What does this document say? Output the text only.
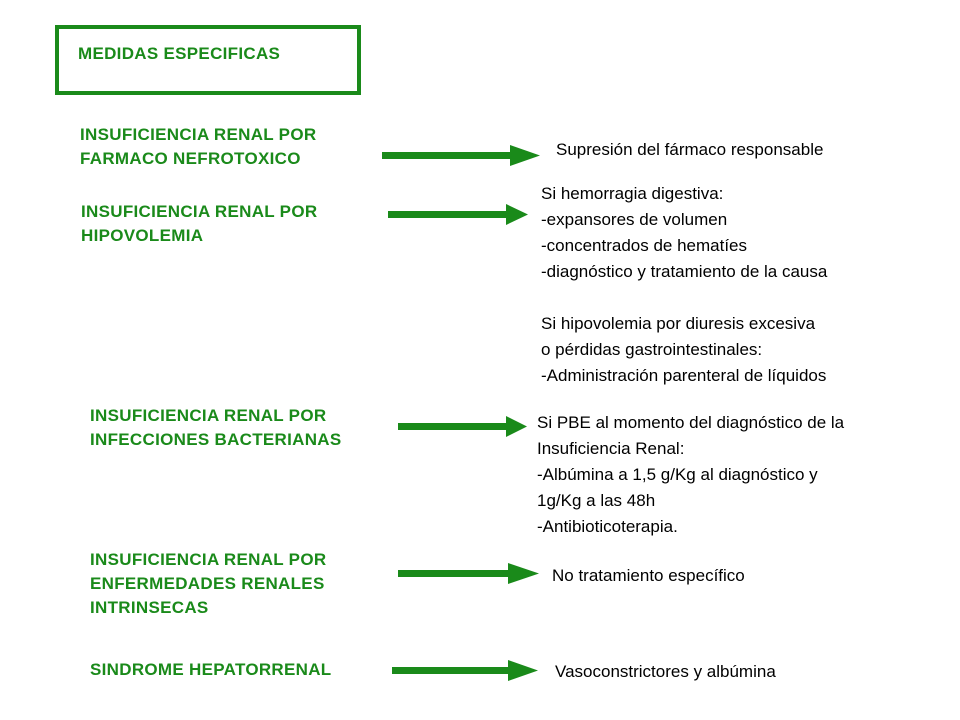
MEDIDAS ESPECIFICAS
INSUFICIENCIA RENAL POR
FARMACO NEFROTOXICO	Supresión del fármaco responsable
INSUFICIENCIA RENAL POR
HIPOVOLEMIA
Si hemorragia digestiva:
-expansores de volumen
-concentrados de hematíes
-diagnóstico y tratamiento de la causa
Si hipovolemia por diuresis excesiva
o pérdidas gastrointestinales:
-Administración parenteral de líquidos
INSUFICIENCIA RENAL POR
INFECCIONES BACTERIANAS
Si PBE al momento del diagnóstico de la
Insuficiencia Renal:
-Albúmina a 1,5 g/Kg al diagnóstico y
1g/Kg a las 48h
-Antibioticoterapia.
INSUFICIENCIA RENAL POR
ENFERMEDADES RENALES
INTRINSECAS
No tratamiento específico
SINDROME HEPATORRENAL	Vasoconstrictores y albúmina
